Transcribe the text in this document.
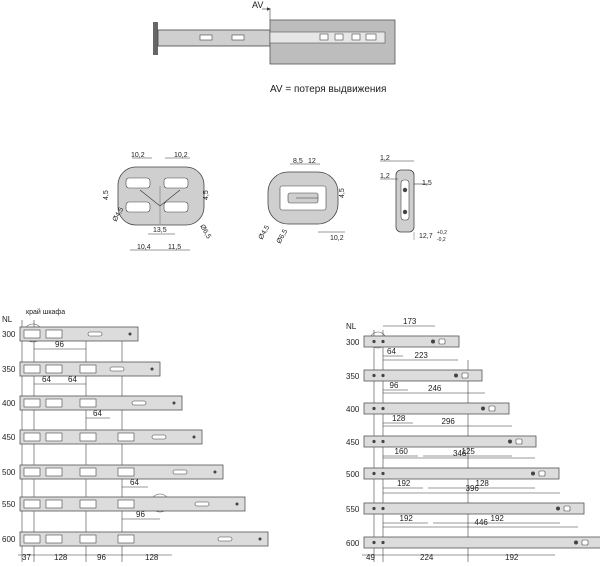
AV
AV = потеря выдвижения
10,2	10,2
4,5	4,5
Ø4,5
Ø6,5
13,5
10,4 11,5
8,5 12
4,5
Ø4,5 Ø6,5	10,2
1,2
1,2
1,5
12,7 +0,2
-0,2
NL
край шкафа
300
96
350
64 64
400
64
450
500
64
550
96
600
37	128	96	128
NL
300
173
64
350
223
96
400
246
128
450
296
160	125
500
346
192	128
550
396
192	192
600
446
49	224	192
